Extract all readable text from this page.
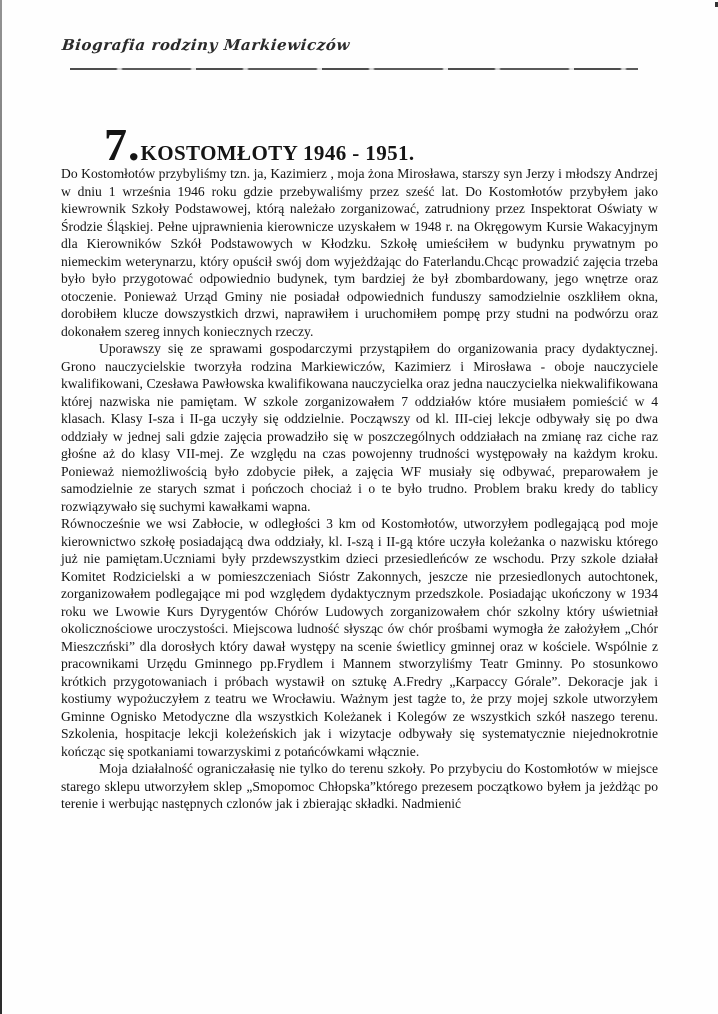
Biografia rodziny Markiewiczów
7.KOSTOMŁOTY 1946 - 1951.

Do Kostomłotów przybyliśmy tzn. ja, Kazimierz , moja żona Mirosława, starszy syn Jerzy i młodszy Andrzej w dniu 1 września 1946 roku gdzie przebywaliśmy przez sześć lat. Do Kostomłotów przybyłem jako kiewrownik Szkoły Podstawowej, którą należało zorganizować, zatrudniony przez Inspektorat Oświaty w Środzie Śląskiej. Pełne ujprawnienia kierownicze uzyskałem w 1948 r. na Okręgowym Kursie Wakacyjnym dla Kierowników Szkół Podstawowych w Kłodzku. Szkołę umieściłem w budynku prywatnym po niemeckim weterynarzu, który opuścił swój dom wyjeżdżając do Faterlandu.Chcąc prowadzić zajęcia trzeba było było przygotować odpowiednio budynek, tym bardziej że był zbombardowany, jego wnętrze oraz otoczenie. Ponieważ Urząd Gminy nie posiadał odpowiednich funduszy samodzielnie oszkliłem okna, dorobiłem klucze dowszystkich drzwi, naprawiłem i uruchomiłem pompę przy studni na podwórzu oraz dokonałem szereg innych koniecznych rzeczy.

Uporawszy się ze sprawami gospodarczymi przystąpiłem do organizowania pracy dydaktycznej. Grono nauczycielskie tworzyła rodzina Markiewiczów, Kazimierz i Mirosława - oboje nauczyciele kwalifikowani, Czesława Pawłowska kwalifikowana nauczycielka oraz jedna nauczycielka niekwalifikowana której nazwiska nie pamiętam. W szkole zorganizowałem 7 oddziałów które musiałem pomieścić w 4 klasach. Klasy I-sza i II-ga uczyły się oddzielnie. Począwszy od kl. III-ciej lekcje odbywały się po dwa oddziały w jednej sali gdzie zajęcia prowadziło się w poszczególnych oddziałach na zmianę raz ciche raz głośne aż do klasy VII-mej. Ze względu na czas powojenny trudności występowały na każdym kroku. Ponieważ niemożliwością było zdobycie piłek, a zajęcia WF musiały się odbywać, preparowałem je samodzielnie ze starych szmat i pończoch chociaż i o te było trudno. Problem braku kredy do tablicy rozwiązywało się suchymi kawałkami wapna.

Równocześnie we wsi Zabłocie, w odległości 3 km od Kostomłotów, utworzyłem podlegającą pod moje kierownictwo szkołę posiadającą dwa oddziały, kl. I-szą i II-gą które uczyła koleżanka o nazwisku którego już nie pamiętam.Uczniami były przdewszystkim dzieci przesiedleńców ze wschodu. Przy szkole działał Komitet Rodzicielski a w pomieszczeniach Sióstr Zakonnych, jeszcze nie przesiedlonych autochtonek, zorganizowałem podlegające mi pod względem dydaktycznym przedszkole. Posiadając ukończony w 1934 roku we Lwowie Kurs Dyrygentów Chórów Ludowych zorganizowałem chór szkolny który uświetniał okolicznościowe uroczystości. Miejscowa ludność słysząc ów chór prośbami wymogła że założyłem „Chór Mieszczński” dla dorosłych który dawał występy na scenie świetlicy gminnej oraz w kościele. Wspólnie z pracownikami Urzędu Gminnego pp.Frydlem i Mannem stworzyliśmy Teatr Gminny. Po stosunkowo krótkich przygotowaniach i próbach wystawił on sztukę A.Fredry „Karpaccy Górale”. Dekoracje jak i kostiumy wypożuczyłem z teatru we Wrocławiu. Ważnym jest tagże to, że przy mojej szkole utworzyłem Gminne Ognisko Metodyczne dla wszystkich Koleżanek i Kolegów ze wszystkich szkół naszego terenu. Szkolenia, hospitacje lekcji koleżeńskich jak i wizytacje odbywały się systematycznie niejednokrotnie kończąc się spotkaniami towarzyskimi z potańcówkami włącznie.

Moja działalność ograniczałasię nie tylko do terenu szkoły. Po przybyciu do Kostomłotów w miejsce starego sklepu utworzyłem sklep „Smopomoc Chłopska”którego prezesem początkowo byłem ja jeżdżąc po terenie i werbując następnych czlonów jak i zbierając składki. Nadmienić
